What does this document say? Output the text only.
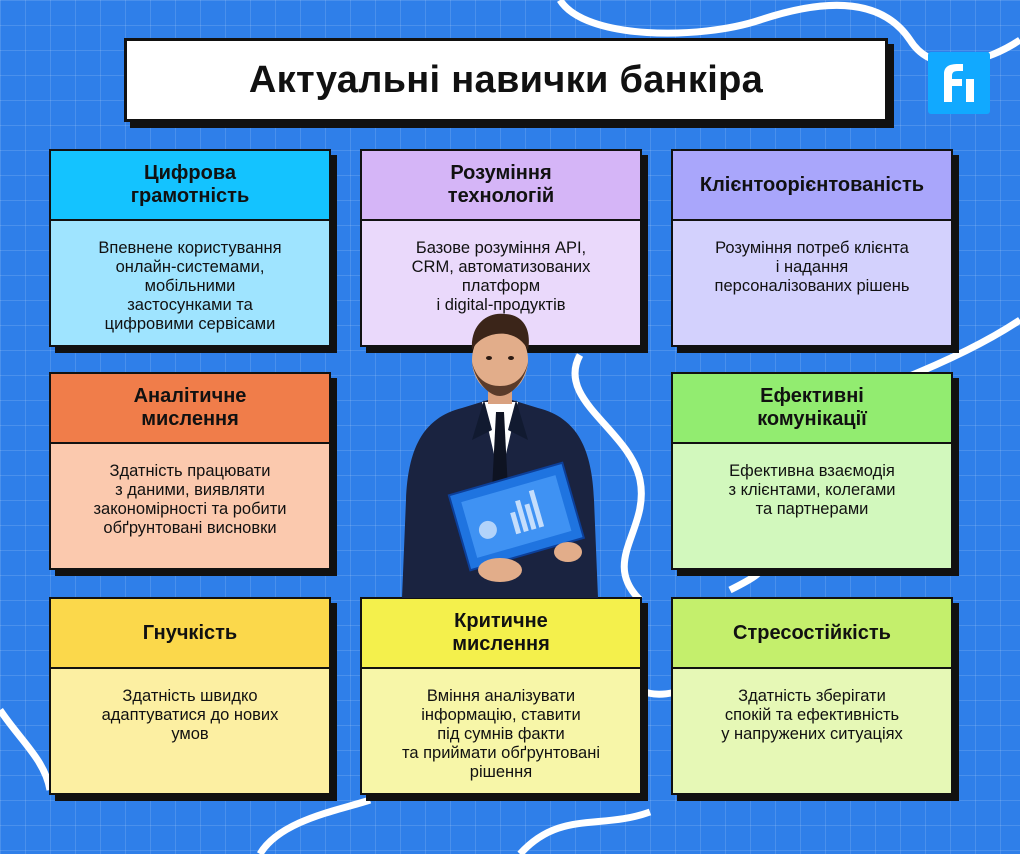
Актуальні навички банкіра
Цифрова
грамотність
Впевнене користування
онлайн-системами,
мобільними
застосунками та
цифровими сервісами
Розуміння
технологій
Базове розуміння API,
CRM, автоматизованих
платформ
і digital-продуктів
Клієнтоорієнтованість
Розуміння потреб клієнта
і надання
персоналізованих рішень
Аналітичне
мислення
Здатність працювати
з даними, виявляти
закономірності та робити
обґрунтовані висновки
Ефективні
комунікації
Ефективна взаємодія
з клієнтами, колегами
та партнерами
Гнучкість
Здатність швидко
адаптуватися до нових
умов
Критичне
мислення
Вміння аналізувати
інформацію, ставити
під сумнів факти
та приймати обґрунтовані
рішення
Стресостійкість
Здатність зберігати
спокій та ефективність
у напружених ситуаціях
